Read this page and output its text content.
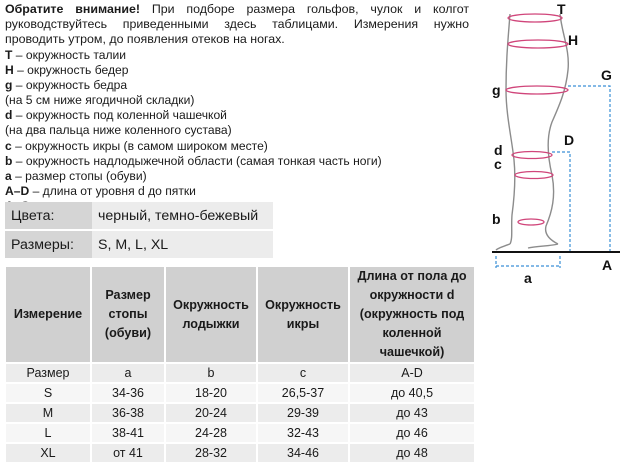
Обратите внимание! При подборе размера гольфов, чулок и колгот руководствуйтесь приведенными здесь таблицами. Измерения нужно проводить утром, до появления отеков на ногах.
T – окружность талии
H – окружность бедер
g – окружность бедра
(на 5 см ниже ягодичной складки)
d – окружность под коленной чашечкой
(на два пальца ниже коленного сустава)
c – окружность икры (в самом широком месте)
b – окружность надлодыжечной области (самая тонкая часть ноги)
a – размер стопы (обуви)
A–D – длина от уровня d до пятки
Цвета:	черный, темно-бежевый
Размеры:	S, M, L, XL
Измерение	Размер стопы (обуви)	Окружность лодыжки	Окружность икры	Длина от пола до окружности d (окружность под коленной чашечкой)
Размер	a	b	c	A-D
S	34-36	18-20	26,5-37	до 40,5
M	36-38	20-24	29-39	до 43
L	38-41	24-28	32-43	до 46
XL	от 41	28-32	34-46	до 48
T
H
G
g
D
d
c
b
a
A
